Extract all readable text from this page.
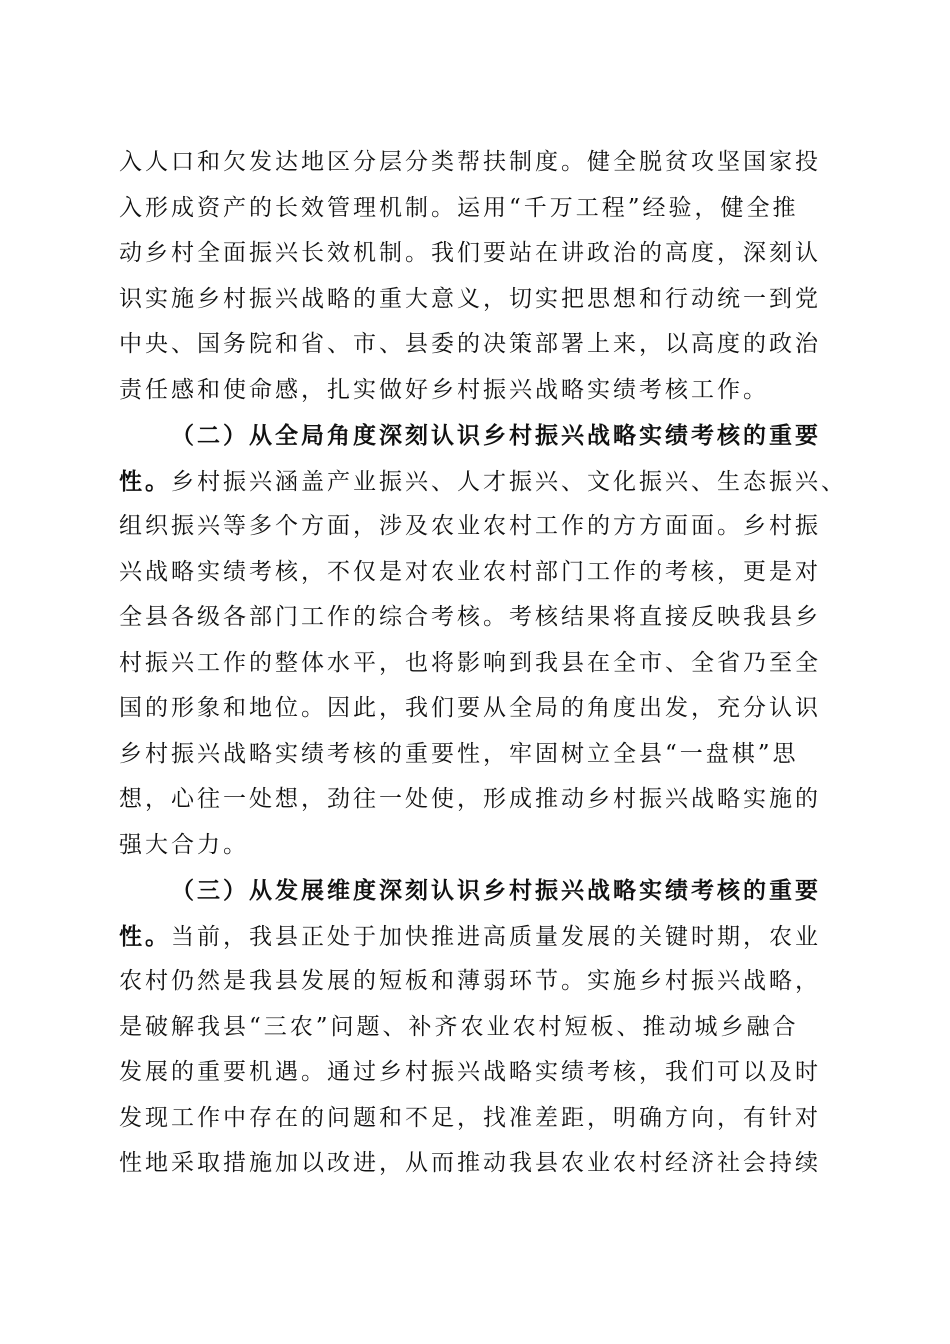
入人口和欠发达地区分层分类帮扶制度。健全脱贫攻坚国家投
入形成资产的长效管理机制。运用“千万工程”经验，健全推
动乡村全面振兴长效机制。我们要站在讲政治的高度，深刻认
识实施乡村振兴战略的重大意义，切实把思想和行动统一到党
中央、国务院和省、市、县委的决策部署上来，以高度的政治
责任感和使命感，扎实做好乡村振兴战略实绩考核工作。
（二）从全局角度深刻认识乡村振兴战略实绩考核的重要
性。乡村振兴涵盖产业振兴、人才振兴、文化振兴、生态振兴、
组织振兴等多个方面，涉及农业农村工作的方方面面。乡村振
兴战略实绩考核，不仅是对农业农村部门工作的考核，更是对
全县各级各部门工作的综合考核。考核结果将直接反映我县乡
村振兴工作的整体水平，也将影响到我县在全市、全省乃至全
国的形象和地位。因此，我们要从全局的角度出发，充分认识
乡村振兴战略实绩考核的重要性，牢固树立全县“一盘棋”思
想，心往一处想，劲往一处使，形成推动乡村振兴战略实施的
强大合力。
（三）从发展维度深刻认识乡村振兴战略实绩考核的重要
性。当前，我县正处于加快推进高质量发展的关键时期，农业
农村仍然是我县发展的短板和薄弱环节。实施乡村振兴战略，
是破解我县“三农”问题、补齐农业农村短板、推动城乡融合
发展的重要机遇。通过乡村振兴战略实绩考核，我们可以及时
发现工作中存在的问题和不足，找准差距，明确方向，有针对
性地采取措施加以改进，从而推动我县农业农村经济社会持续
